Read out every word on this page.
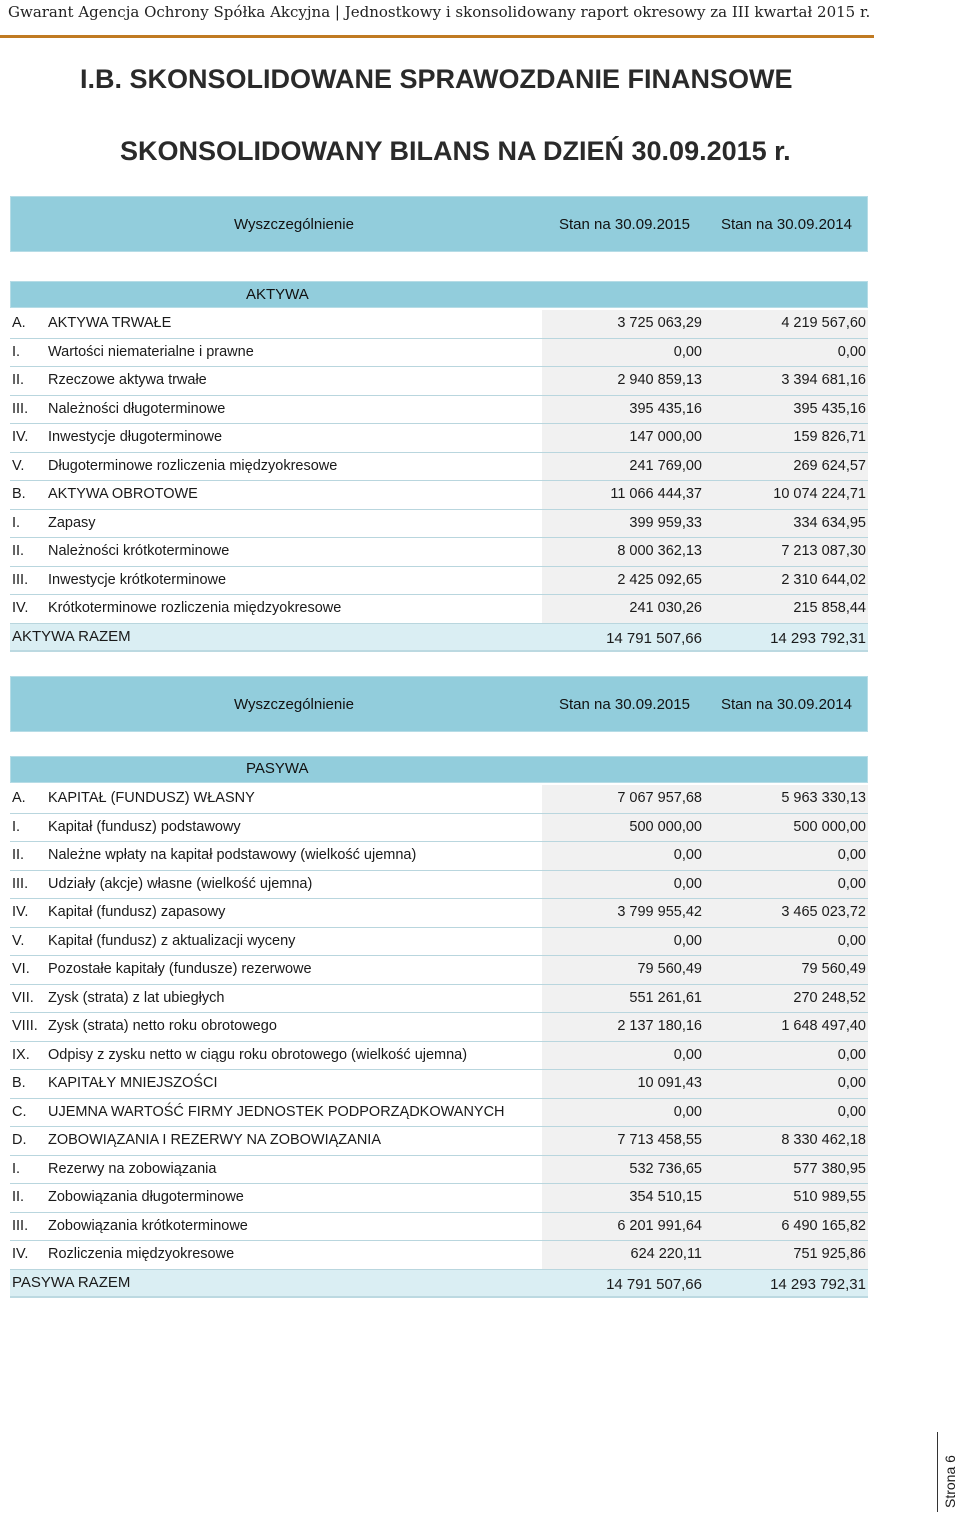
Gwarant Agencja Ochrony Spółka Akcyjna | Jednostkowy i skonsolidowany raport okresowy za III kwartał 2015 r.
I.B. SKONSOLIDOWANE SPRAWOZDANIE FINANSOWE
SKONSOLIDOWANY BILANS NA DZIEŃ 30.09.2015 r.
Wyszczególnienie	Stan na 30.09.2015 Stan na 30.09.2014
AKTYWA
A. AKTYWA TRWAŁE	3 725 063,29	4 219 567,60
I. Wartości niematerialne i prawne	0,00	0,00
II. Rzeczowe aktywa trwałe	2 940 859,13	3 394 681,16
III. Należności długoterminowe	395 435,16	395 435,16
IV. Inwestycje długoterminowe	147 000,00	159 826,71
V. Długoterminowe rozliczenia międzyokresowe	241 769,00	269 624,57
B. AKTYWA OBROTOWE	11 066 444,37	10 074 224,71
I. Zapasy	399 959,33	334 634,95
II. Należności krótkoterminowe	8 000 362,13	7 213 087,30
III. Inwestycje krótkoterminowe	2 425 092,65	2 310 644,02
IV. Krótkoterminowe rozliczenia międzyokresowe	241 030,26	215 858,44
AKTYWA RAZEM	14 791 507,66	14 293 792,31
Wyszczególnienie	Stan na 30.09.2015 Stan na 30.09.2014
PASYWA
A. KAPITAŁ (FUNDUSZ) WŁASNY	7 067 957,68	5 963 330,13
I. Kapitał (fundusz) podstawowy	500 000,00	500 000,00
II. Należne wpłaty na kapitał podstawowy (wielkość ujemna)	0,00	0,00
III. Udziały (akcje) własne (wielkość ujemna)	0,00	0,00
IV. Kapitał (fundusz) zapasowy	3 799 955,42	3 465 023,72
V. Kapitał (fundusz) z aktualizacji wyceny	0,00	0,00
VI. Pozostałe kapitały (fundusze) rezerwowe	79 560,49	79 560,49
VII. Zysk (strata) z lat ubiegłych	551 261,61	270 248,52
VIII. Zysk (strata) netto roku obrotowego	2 137 180,16	1 648 497,40
IX. Odpisy z zysku netto w ciągu roku obrotowego (wielkość ujemna)	0,00	0,00
B. KAPITAŁY MNIEJSZOŚCI	10 091,43	0,00
C. UJEMNA WARTOŚĆ FIRMY JEDNOSTEK PODPORZĄDKOWANYCH	0,00	0,00
D. ZOBOWIĄZANIA I REZERWY NA ZOBOWIĄZANIA	7 713 458,55	8 330 462,18
I. Rezerwy na zobowiązania	532 736,65	577 380,95
II. Zobowiązania długoterminowe	354 510,15	510 989,55
III. Zobowiązania krótkoterminowe	6 201 991,64	6 490 165,82
IV. Rozliczenia międzyokresowe	624 220,11	751 925,86
PASYWA RAZEM	14 791 507,66	14 293 792,31
Strona 6
